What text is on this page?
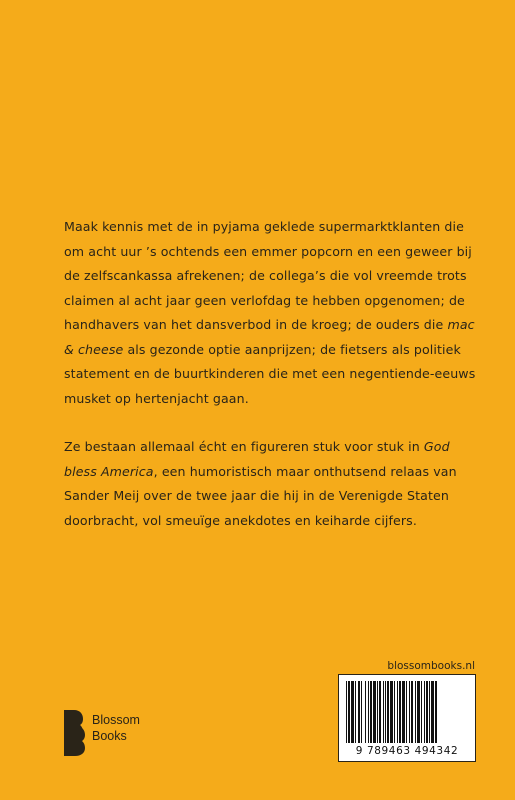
Maak kennis met de in pyjama geklede supermarktklanten die om acht uur ’s ochtends een emmer popcorn en een geweer bij de zelfscankassa afrekenen; de collega’s die vol vreemde trots claimen al acht jaar geen verlofdag te hebben opgenomen; de handhavers van het dansverbod in de kroeg; de ouders die mac & cheese als gezonde optie aanprijzen; de fietsers als politiek statement en de buurtkinderen die met een negentiende-eeuws musket op hertenjacht gaan.

Ze bestaan allemaal écht en figureren stuk voor stuk in God bless America, een humoristisch maar onthutsend relaas van Sander Meij over de twee jaar die hij in de Verenigde Staten doorbracht, vol smeuïge anekdotes en keiharde cijfers.

blossombooks.nl
9 789463 494342
Blossom
Books
